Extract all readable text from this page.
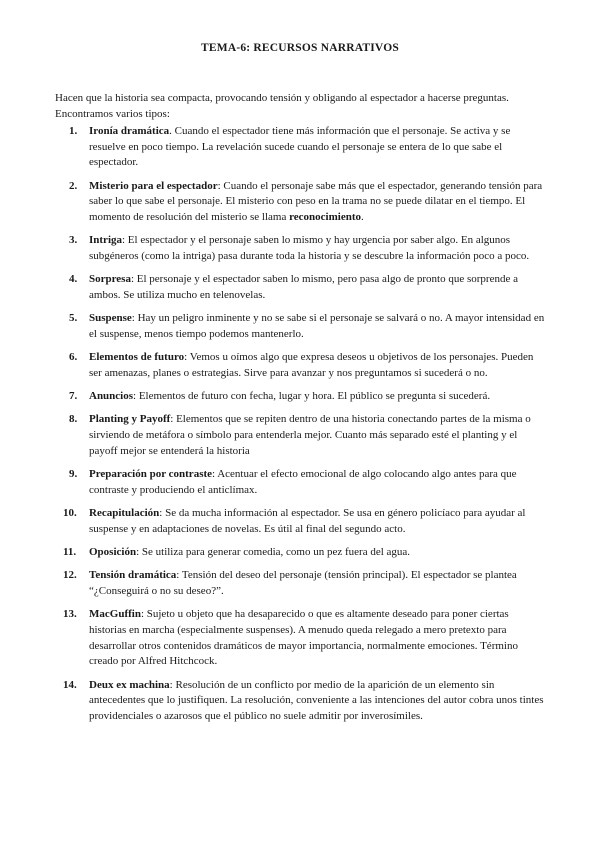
TEMA-6: RECURSOS NARRATIVOS
Hacen que la historia sea compacta, provocando tensión y obligando al espectador a hacerse preguntas. Encontramos varios tipos:
1. Ironía dramática. Cuando el espectador tiene más información que el personaje. Se activa y se resuelve en poco tiempo. La revelación sucede cuando el personaje se entera de lo que sabe el espectador.
2. Misterio para el espectador: Cuando el personaje sabe más que el espectador, generando tensión para saber lo que sabe el personaje. El misterio con peso en la trama no se puede dilatar en el tiempo. El momento de resolución del misterio se llama reconocimiento.
3. Intriga: El espectador y el personaje saben lo mismo y hay urgencia por saber algo. En algunos subgéneros (como la intriga) pasa durante toda la historia y se descubre la información poco a poco.
4. Sorpresa: El personaje y el espectador saben lo mismo, pero pasa algo de pronto que sorprende a ambos. Se utiliza mucho en telenovelas.
5. Suspense: Hay un peligro inminente y no se sabe si el personaje se salvará o no. A mayor intensidad en el suspense, menos tiempo podemos mantenerlo.
6. Elementos de futuro: Vemos u oímos algo que expresa deseos u objetivos de los personajes. Pueden ser amenazas, planes o estrategias. Sirve para avanzar y nos preguntamos si sucederá o no.
7. Anuncios: Elementos de futuro con fecha, lugar y hora. El público se pregunta si sucederá.
8. Planting y Payoff: Elementos que se repiten dentro de una historia conectando partes de la misma o sirviendo de metáfora o símbolo para entenderla mejor. Cuanto más separado esté el planting y el payoff mejor se entenderá la historia
9. Preparación por contraste: Acentuar el efecto emocional de algo colocando algo antes para que contraste y produciendo el anticlímax.
10. Recapitulación: Se da mucha información al espectador. Se usa en género policíaco para ayudar al suspense y en adaptaciones de novelas. Es útil al final del segundo acto.
11. Oposición: Se utiliza para generar comedia, como un pez fuera del agua.
12. Tensión dramática: Tensión del deseo del personaje (tensión principal). El espectador se plantea “¿Conseguirá o no su deseo?”.
13. MacGuffin: Sujeto u objeto que ha desaparecido o que es altamente deseado para poner ciertas historias en marcha (especialmente suspenses). A menudo queda relegado a mero pretexto para desarrollar otros contenidos dramáticos de mayor importancia, normalmente emociones. Término creado por Alfred Hitchcock.
14. Deux ex machina: Resolución de un conflicto por medio de la aparición de un elemento sin antecedentes que lo justifiquen. La resolución, conveniente a las intenciones del autor cobra unos tintes providenciales o azarosos que el público no suele admitir por inverosímiles.
